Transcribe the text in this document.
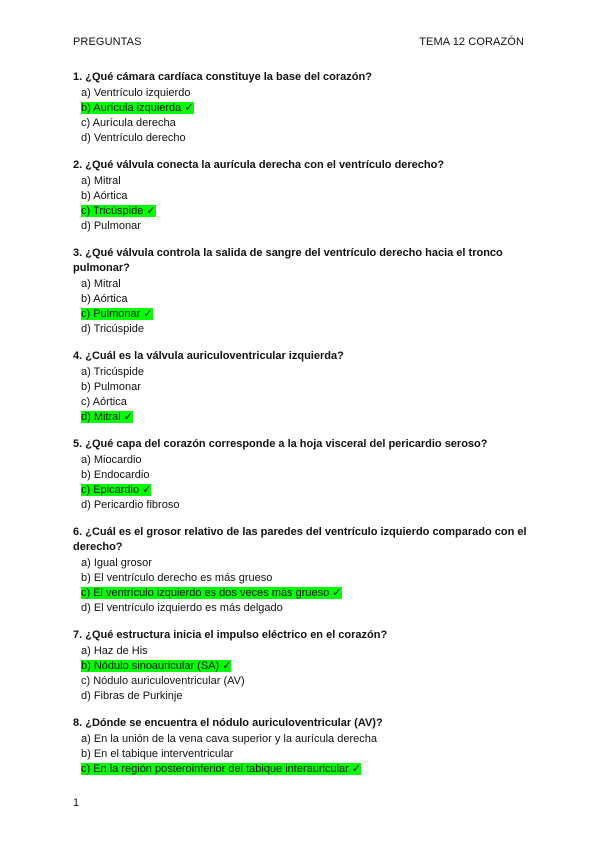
PREGUNTAS	TEMA 12 CORAZÓN
1. ¿Qué cámara cardíaca constituye la base del corazón?
a) Ventrículo izquierdo
b) Aurícula izquierda ✓
c) Aurícula derecha
d) Ventrículo derecho
2. ¿Qué válvula conecta la aurícula derecha con el ventrículo derecho?
a) Mitral
b) Aórtica
c) Tricúspide ✓
d) Pulmonar
3. ¿Qué válvula controla la salida de sangre del ventrículo derecho hacia el tronco pulmonar?
a) Mitral
b) Aórtica
c) Pulmonar ✓
d) Tricúspide
4. ¿Cuál es la válvula auriculoventricular izquierda?
a) Tricúspide
b) Pulmonar
c) Aórtica
d) Mitral ✓
5. ¿Qué capa del corazón corresponde a la hoja visceral del pericardio seroso?
a) Miocardio
b) Endocardio
c) Epicardio ✓
d) Pericardio fibroso
6. ¿Cuál es el grosor relativo de las paredes del ventrículo izquierdo comparado con el derecho?
a) Igual grosor
b) El ventrículo derecho es más grueso
c) El ventrículo izquierdo es dos veces más grueso ✓
d) El ventrículo izquierdo es más delgado
7. ¿Qué estructura inicia el impulso eléctrico en el corazón?
a) Haz de His
b) Nódulo sinoauricular (SA) ✓
c) Nódulo auriculoventricular (AV)
d) Fibras de Purkinje
8. ¿Dónde se encuentra el nódulo auriculoventricular (AV)?
a) En la unión de la vena cava superior y la aurícula derecha
b) En el tabique interventricular
c) En la región posteroinferior del tabique interauricular ✓
1
